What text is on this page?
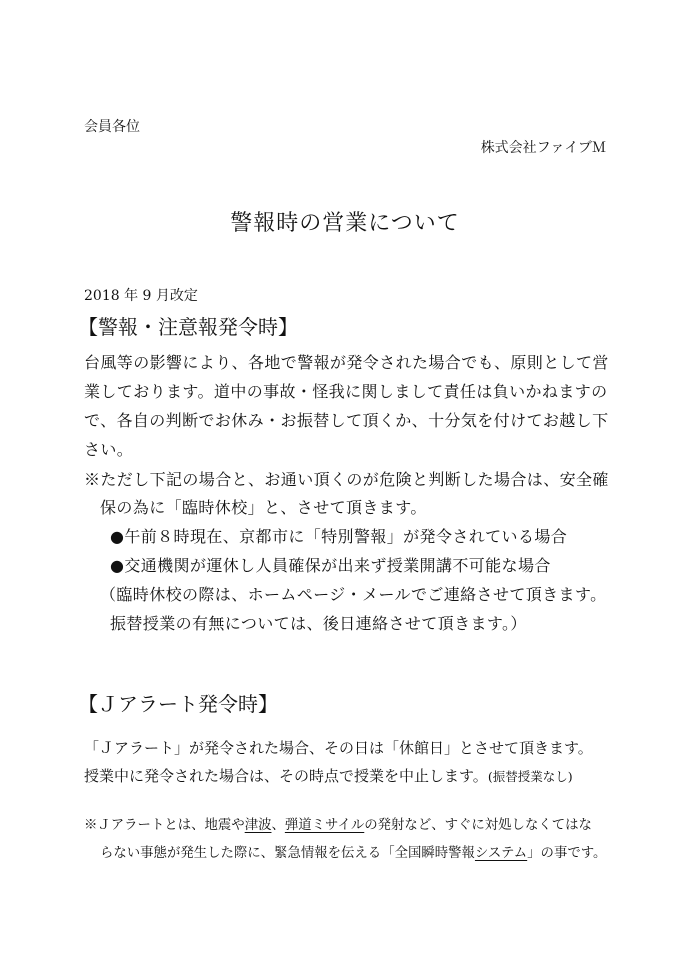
会員各位
株式会社ファイブＭ
警報時の営業について
2018 年 9 月改定
【警報・注意報発令時】
台風等の影響により、各地で警報が発令された場合でも、原則として営
業しております。道中の事故・怪我に関しまして責任は負いかねますの
で、各自の判断でお休み・お振替して頂くか、十分気を付けてお越し下
さい。
※ただし下記の場合と、お通い頂くのが危険と判断した場合は、安全確
保の為に「臨時休校」と、させて頂きます。
●午前８時現在、京都市に「特別警報」が発令されている場合
●交通機関が運休し人員確保が出来ず授業開講不可能な場合
（臨時休校の際は、ホームページ・メールでご連絡させて頂きます。
振替授業の有無については、後日連絡させて頂きます。）
【Ｊアラート発令時】
「Ｊアラート」が発令された場合、その日は「休館日」とさせて頂きます。
授業中に発令された場合は、その時点で授業を中止します。(振替授業なし)
※Ｊアラートとは、地震や津波、弾道ミサイルの発射など、すぐに対処しなくてはな
らない事態が発生した際に、緊急情報を伝える「全国瞬時警報システム」の事です。
